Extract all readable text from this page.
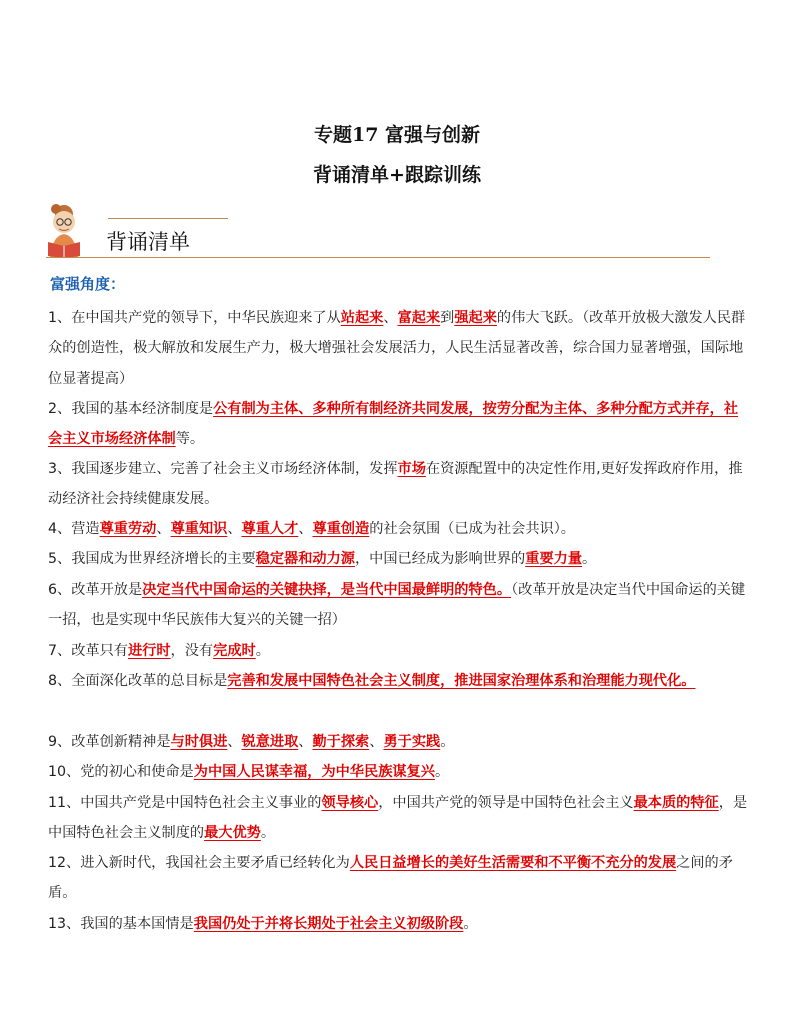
专题17 富强与创新
背诵清单+跟踪训练
背诵清单
富强角度：

1、在中国共产党的领导下，中华民族迎来了从站起来、富起来到强起来的伟大飞跃。（改革开放极大激发人民群众的创造性，极大解放和发展生产力，极大增强社会发展活力，人民生活显著改善，综合国力显著增强，国际地位显著提高）

2、我国的基本经济制度是公有制为主体、多种所有制经济共同发展，按劳分配为主体、多种分配方式并存，社会主义市场经济体制等。

3、我国逐步建立、完善了社会主义市场经济体制，发挥市场在资源配置中的决定性作用,更好发挥政府作用，推动经济社会持续健康发展。

4、营造尊重劳动、尊重知识、尊重人才、尊重创造的社会氛围（已成为社会共识）。

5、我国成为世界经济增长的主要稳定器和动力源，中国已经成为影响世界的重要力量。

6、改革开放是决定当代中国命运的关键抉择，是当代中国最鲜明的特色。（改革开放是决定当代中国命运的关键一招，也是实现中华民族伟大复兴的关键一招）

7、改革只有进行时，没有完成时。

8、全面深化改革的总目标是完善和发展中国特色社会主义制度，推进国家治理体系和治理能力现代化。

9、改革创新精神是与时俱进、锐意进取、勤于探索、勇于实践。

10、党的初心和使命是为中国人民谋幸福，为中华民族谋复兴。

11、中国共产党是中国特色社会主义事业的领导核心，中国共产党的领导是中国特色社会主义最本质的特征，是中国特色社会主义制度的最大优势。

12、进入新时代，我国社会主要矛盾已经转化为人民日益增长的美好生活需要和不平衡不充分的发展之间的矛盾。

13、我国的基本国情是我国仍处于并将长期处于社会主义初级阶段。
